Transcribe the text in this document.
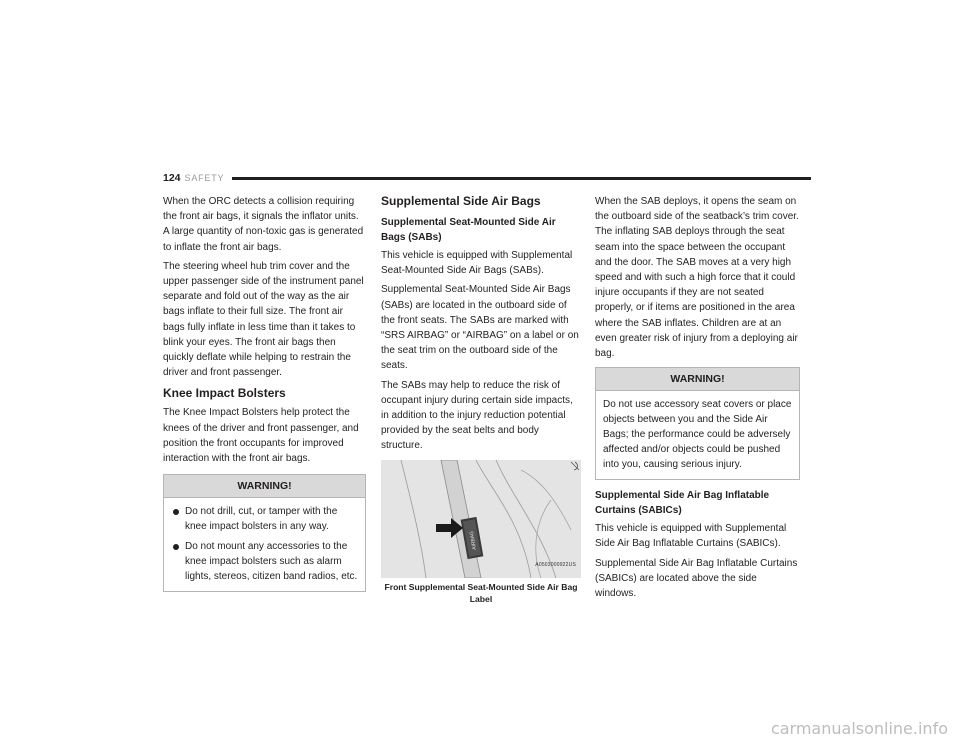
124 SAFETY

When the ORC detects a collision requiring the front air bags, it signals the inflator units. A large quantity of non-toxic gas is generated to inflate the front air bags.

The steering wheel hub trim cover and the upper passenger side of the instrument panel separate and fold out of the way as the air bags inflate to their full size. The front air bags fully inflate in less time than it takes to blink your eyes. The front air bags then quickly deflate while helping to restrain the driver and front passenger.

Knee Impact Bolsters

The Knee Impact Bolsters help protect the knees of the driver and front passenger, and position the front occupants for improved interaction with the front air bags.

WARNING!
Do not drill, cut, or tamper with the knee impact bolsters in any way.
Do not mount any accessories to the knee impact bolsters such as alarm lights, stereos, citizen band radios, etc.
Supplemental Side Air Bags
Supplemental Seat-Mounted Side Air Bags (SABs)

This vehicle is equipped with Supplemental Seat-Mounted Side Air Bags (SABs).

Supplemental Seat-Mounted Side Air Bags (SABs) are located in the outboard side of the front seats. The SABs are marked with “SRS AIRBAG” or “AIRBAG” on a label or on the seat trim on the outboard side of the seats.

The SABs may help to reduce the risk of occupant injury during certain side impacts, in addition to the injury reduction potential provided by the seat belts and body structure.

AIRBAG
A0503000922US
Front Supplemental Seat-Mounted Side Air Bag Label

When the SAB deploys, it opens the seam on the outboard side of the seatback’s trim cover. The inflating SAB deploys through the seat seam into the space between the occupant and the door. The SAB moves at a very high speed and with such a high force that it could injure occupants if they are not seated properly, or if items are positioned in the area where the SAB inflates. Children are at an even greater risk of injury from a deploying air bag.

WARNING!
Do not use accessory seat covers or place objects between you and the Side Air Bags; the performance could be adversely affected and/or objects could be pushed into you, causing serious injury.
Supplemental Side Air Bag Inflatable Curtains (SABICs)

This vehicle is equipped with Supplemental Side Air Bag Inflatable Curtains (SABICs).

Supplemental Side Air Bag Inflatable Curtains (SABICs) are located above the side windows.

carmanualsonline.info
